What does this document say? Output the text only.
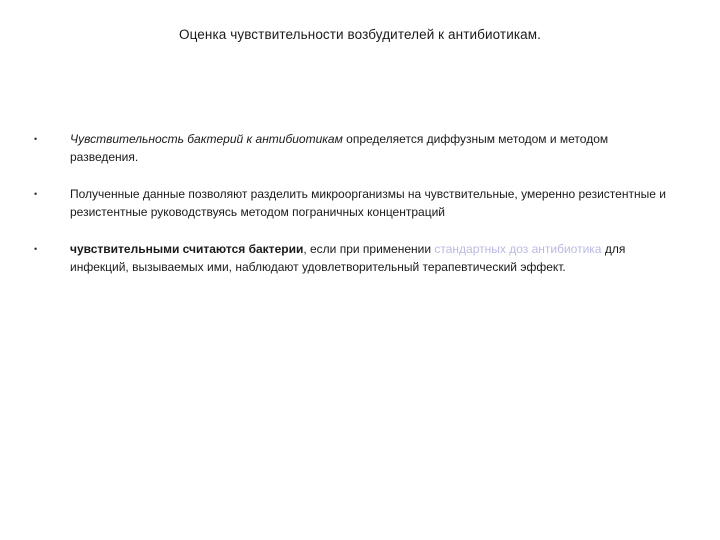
Оценка чувствительности возбудителей к антибиотикам.
•	Чувствительность бактерий к антибиотикам определяется диффузным методом и методом разведения.
•	Полученные данные позволяют разделить микроорганизмы на чувствительные, умеренно резистентные и резистентные руководствуясь методом пограничных концентраций
•	чувствительными считаются бактерии, если при применении стандартных доз антибиотика для инфекций, вызываемых ими, наблюдают удовлетворительный терапевтический эффект.
